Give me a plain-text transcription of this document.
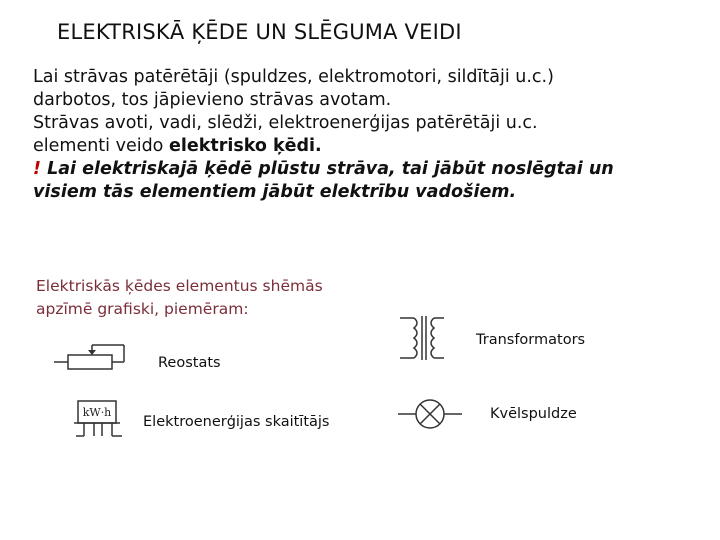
ELEKTRISKĀ ĶĒDE UN SLĒGUMA VEIDI
Lai strāvas patērētāji (spuldzes, elektromotori, sildītāji u.c.)
darbotos, tos jāpievieno strāvas avotam.
Strāvas avoti, vadi, slēdži, elektroenerģijas patērētāji u.c.
elementi veido elektrisko ķēdi.
! Lai elektriskajā ķēdē plūstu strāva, tai jābūt noslēgtai un
visiem tās elementiem jābūt elektrību vadošiem.
Elektriskās ķēdes elementus shēmās
apzīmē grafiski, piemēram:
Reostats
kW·h
Elektroenerģijas skaitītājs
Transformators
Kvēlspuldze
